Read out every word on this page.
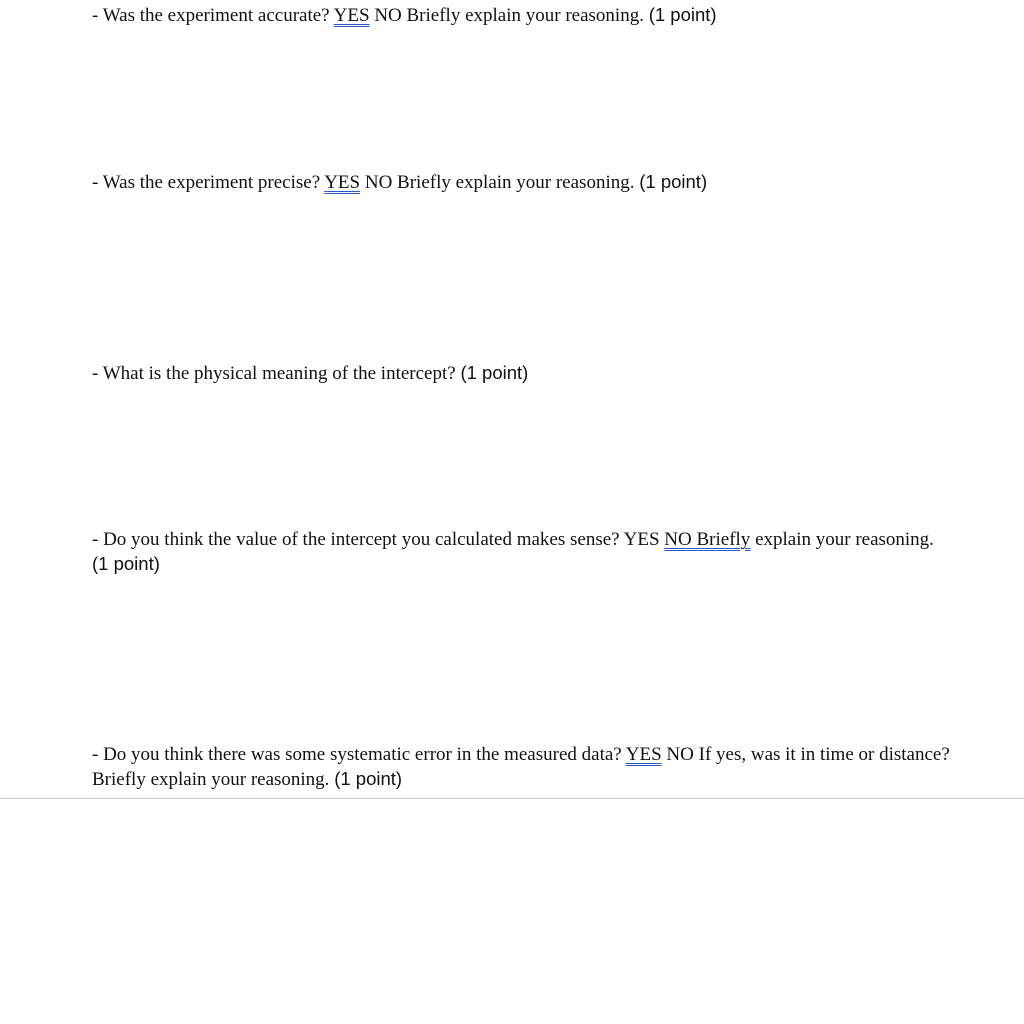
- Was the experiment accurate? YES NO Briefly explain your reasoning. (1 point)
- Was the experiment precise? YES NO Briefly explain your reasoning. (1 point)
- What is the physical meaning of the intercept? (1 point)
- Do you think the value of the intercept you calculated makes sense? YES NO Briefly explain your reasoning. (1 point)
- Do you think there was some systematic error in the measured data? YES NO If yes, was it in time or distance? Briefly explain your reasoning. (1 point)
